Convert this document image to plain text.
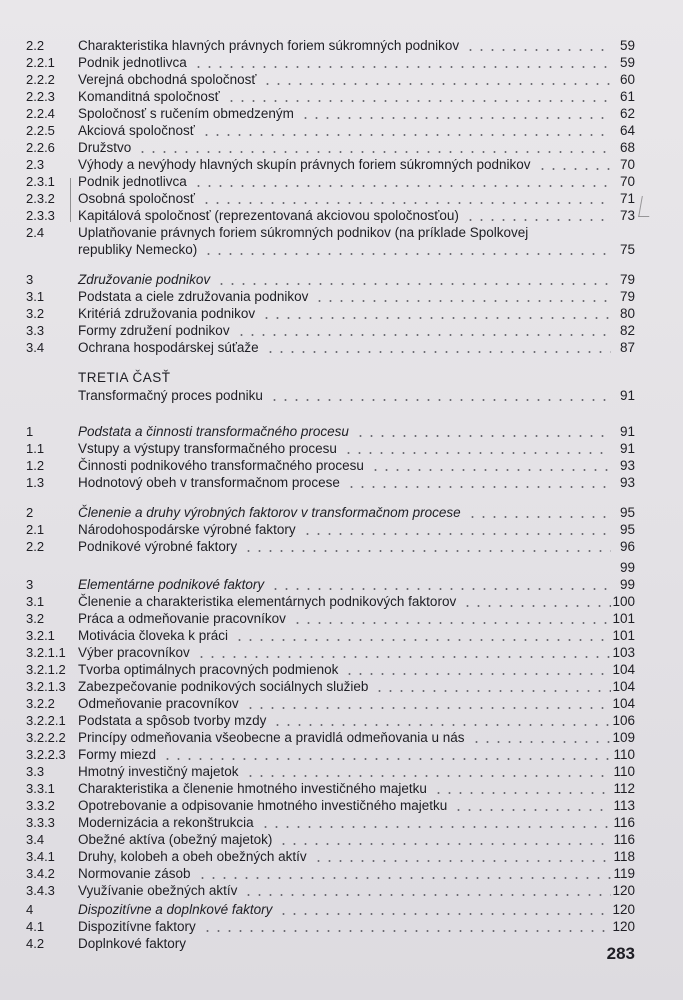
2.2	Charakteristika hlavných právnych foriem súkromných podnikov	59
2.2.1 Podnik jednotlivca	59
2.2.2 Verejná obchodná spoločnosť	60
2.2.3 Komanditná spoločnosť	61
2.2.4 Spoločnosť s ručením obmedzeným	62
2.2.5 Akciová spoločnosť	64
2.2.6 Družstvo	68
2.3	Výhody a nevýhody hlavných skupín právnych foriem súkromných podnikov	70
2.3.1 Podnik jednotlivca	70
2.3.2 Osobná spoločnosť	71
2.3.3 Kapitálová spoločnosť (reprezentovaná akciovou spoločnosťou)	73
2.4	Uplatňovanie právnych foriem súkromných podnikov (na príklade Spolkovej
republiky Nemecko)	75
3	Združovanie podnikov	79
3.1	Podstata a ciele združovania podnikov	79
3.2	Kritériá združovania podnikov	80
3.3	Formy združení podnikov	82
3.4	Ochrana hospodárskej súťaže	87
TRETIA ČASŤ
Transformačný proces podniku	91
1	Podstata a činnosti transformačného procesu	91
1.1	Vstupy a výstupy transformačného procesu	91
1.2	Činnosti podnikového transformačného procesu	93
1.3	Hodnotový obeh v transformačnom procese	93
2	Členenie a druhy výrobných faktorov v transformačnom procese	95
2.1	Národohospodárske výrobné faktory	95
2.2	Podnikové výrobné faktory	96
99
3	Elementárne podnikové faktory	99
3.1	Členenie a charakteristika elementárnych podnikových faktorov	100
3.2	Práca a odmeňovanie pracovníkov	101
3.2.1 Motivácia človeka k práci	101
3.2.1.1 Výber pracovníkov	103
3.2.1.2 Tvorba optimálnych pracovných podmienok	104
3.2.1.3 Zabezpečovanie podnikových sociálnych služieb	104
3.2.2 Odmeňovanie pracovníkov	104
3.2.2.1 Podstata a spôsob tvorby mzdy	106
3.2.2.2 Princípy odmeňovania všeobecne a pravidlá odmeňovania u nás	109
3.2.2.3 Formy miezd	110
3.3	Hmotný investičný majetok	110
3.3.1 Charakteristika a členenie hmotného investičného majetku	112
3.3.2 Opotrebovanie a odpisovanie hmotného investičného majetku	113
3.3.3 Modernizácia a rekonštrukcia	116
3.4	Obežné aktíva (obežný majetok)	116
3.4.1 Druhy, kolobeh a obeh obežných aktív	118
3.4.2 Normovanie zásob	119
3.4.3 Využívanie obežných aktív	120
4	Dispozitívne a doplnkové faktory	120
4.1	Dispozitívne faktory	120
4.2	Doplnkové faktory
283
